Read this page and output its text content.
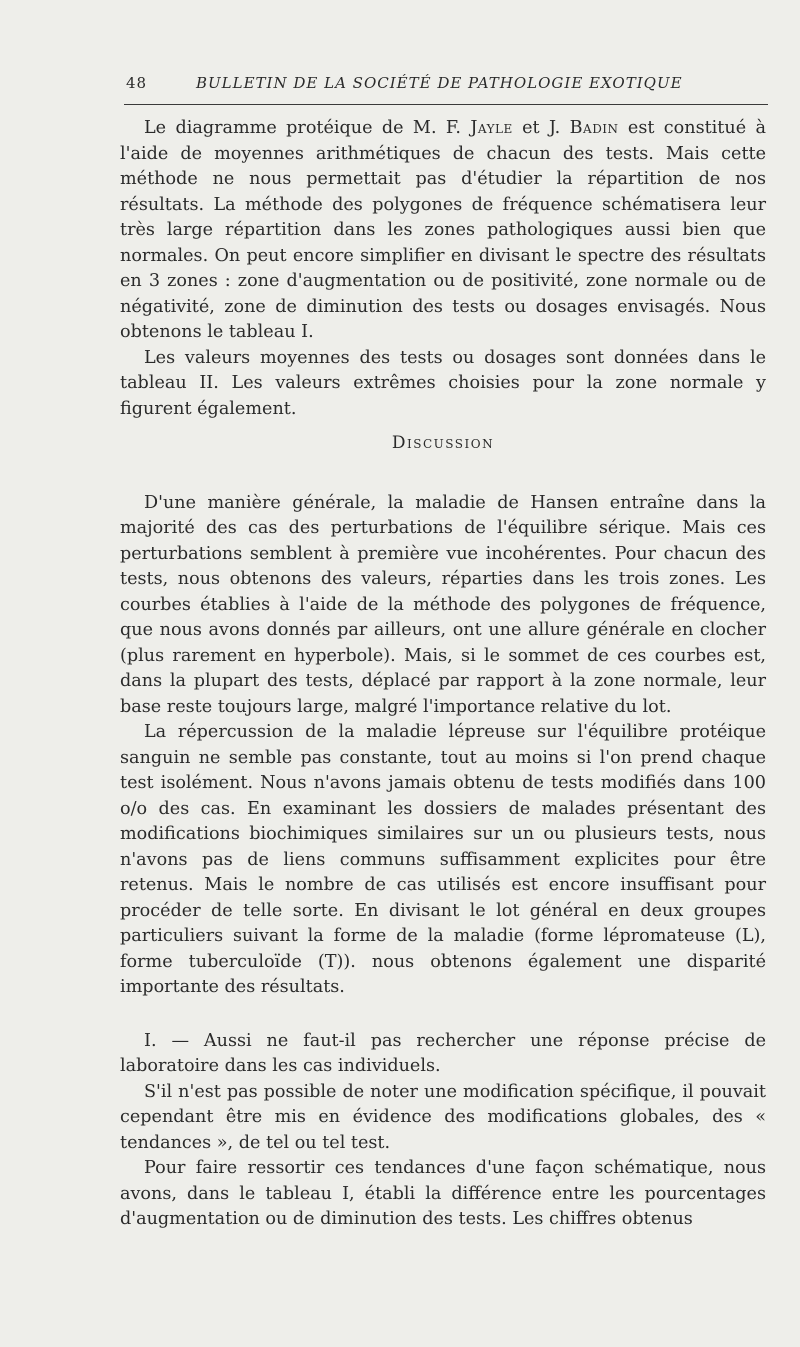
48	BULLETIN DE LA SOCIÉTÉ DE PATHOLOGIE EXOTIQUE

Le diagramme protéique de M. F. Jayle et J. Badin est constitué à l'aide de moyennes arithmétiques de chacun des tests. Mais cette méthode ne nous permettait pas d'étudier la répartition de nos résultats. La méthode des polygones de fréquence schématisera leur très large répartition dans les zones pathologiques aussi bien que normales. On peut encore simplifier en divisant le spectre des résultats en 3 zones : zone d'augmentation ou de positivité, zone normale ou de négativité, zone de diminution des tests ou dosages envisagés. Nous obtenons le tableau I.

Les valeurs moyennes des tests ou dosages sont données dans le tableau II. Les valeurs extrêmes choisies pour la zone normale y figurent également.

Discussion

D'une manière générale, la maladie de Hansen entraîne dans la majorité des cas des perturbations de l'équilibre sérique. Mais ces perturbations semblent à première vue incohérentes. Pour chacun des tests, nous obtenons des valeurs, réparties dans les trois zones. Les courbes établies à l'aide de la méthode des polygones de fréquence, que nous avons donnés par ailleurs, ont une allure générale en clocher (plus rarement en hyperbole). Mais, si le sommet de ces courbes est, dans la plupart des tests, déplacé par rapport à la zone normale, leur base reste toujours large, malgré l'importance relative du lot.

La répercussion de la maladie lépreuse sur l'équilibre protéique sanguin ne semble pas constante, tout au moins si l'on prend chaque test isolément. Nous n'avons jamais obtenu de tests modifiés dans 100 o/o des cas. En examinant les dossiers de malades présentant des modifications biochimiques similaires sur un ou plusieurs tests, nous n'avons pas de liens communs suffisamment explicites pour être retenus. Mais le nombre de cas utilisés est encore insuffisant pour procéder de telle sorte. En divisant le lot général en deux groupes particuliers suivant la forme de la maladie (forme lépromateuse (L), forme tuberculoïde (T)). nous obtenons également une disparité importante des résultats.

I. — Aussi ne faut-il pas rechercher une réponse précise de laboratoire dans les cas individuels.

S'il n'est pas possible de noter une modification spécifique, il pouvait cependant être mis en évidence des modifications globales, des « tendances », de tel ou tel test.

Pour faire ressortir ces tendances d'une façon schématique, nous avons, dans le tableau I, établi la différence entre les pourcentages d'augmentation ou de diminution des tests. Les chiffres obtenus
